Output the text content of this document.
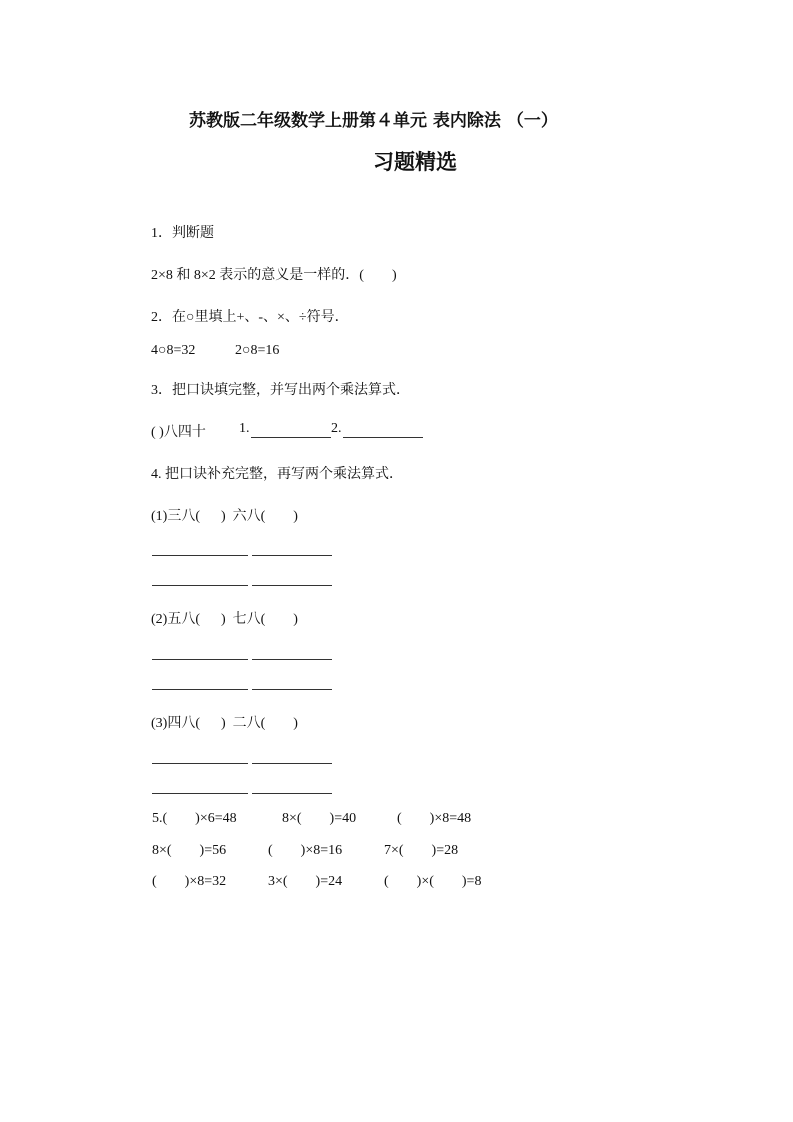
苏教版二年级数学上册第４单元 表内除法 （一）
习题精选
1．判断题
2×8 和 8×2 表示的意义是一样的．(        )
2．在○里填上+、-、×、÷符号．
4○8=32	2○8=16
3．把口诀填完整，并写出两个乘法算式．
( )八四十 1.	2.
4. 把口诀补充完整，再写两个乘法算式．
(1)三八(      )  六八(        )
(2)五八(      )  七八(        )
(3)四八(      )  二八(        )
5.(        )×6=48	8×(        )=40	(        )×8=48
8×(        )=56	(        )×8=16	7×(        )=28
(        )×8=32	3×(        )=24	(        )×(        )=8
